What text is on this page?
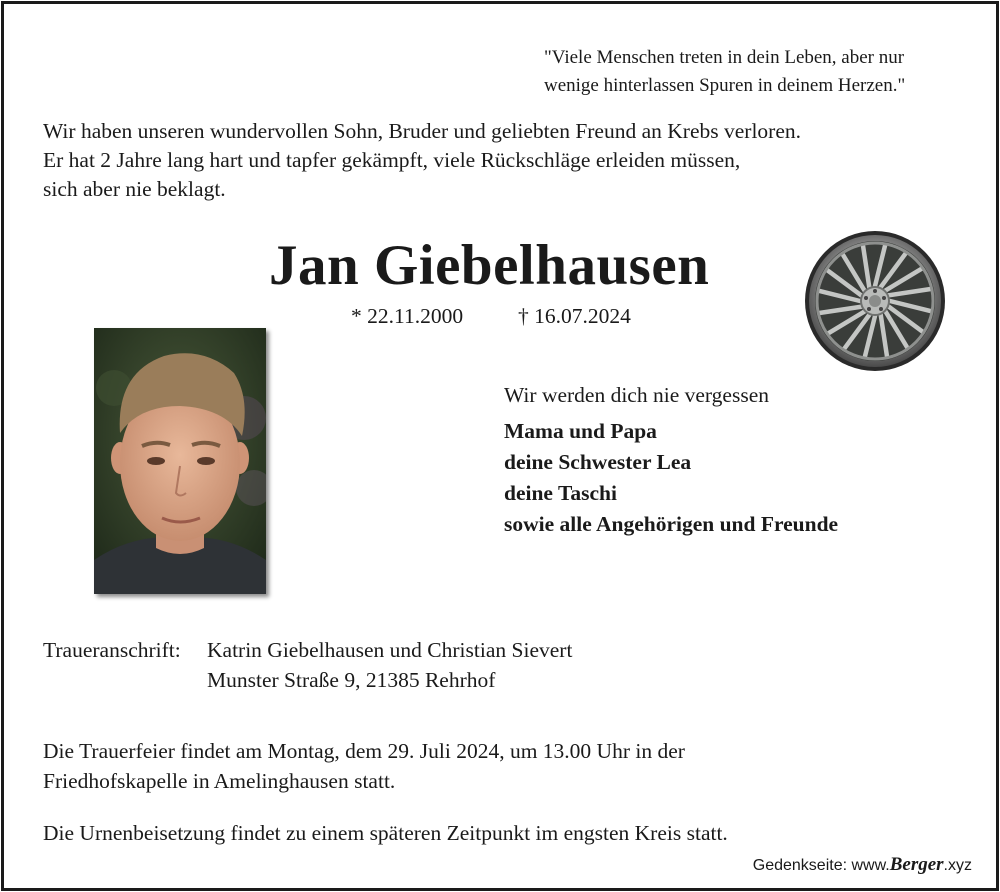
"Viele Menschen treten in dein Leben, aber nur
wenige hinterlassen Spuren in deinem Herzen."
Wir haben unseren wundervollen Sohn, Bruder und geliebten Freund an Krebs verloren.
Er hat 2 Jahre lang hart und tapfer gekämpft, viele Rückschläge erleiden müssen,
sich aber nie beklagt.
Jan Giebelhausen
* 22.11.2000	† 16.07.2024
Wir werden dich nie vergessen
Mama und Papa
deine Schwester Lea
deine Taschi
sowie alle Angehörigen und Freunde
Traueranschrift: Katrin Giebelhausen und Christian Sievert
Munster Straße 9, 21385 Rehrhof
Die Trauerfeier findet am Montag, dem 29. Juli 2024, um 13.00 Uhr in der
Friedhofskapelle in Amelinghausen statt.
Die Urnenbeisetzung findet zu einem späteren Zeitpunkt im engsten Kreis statt.
Gedenkseite: www.Berger.xyz
